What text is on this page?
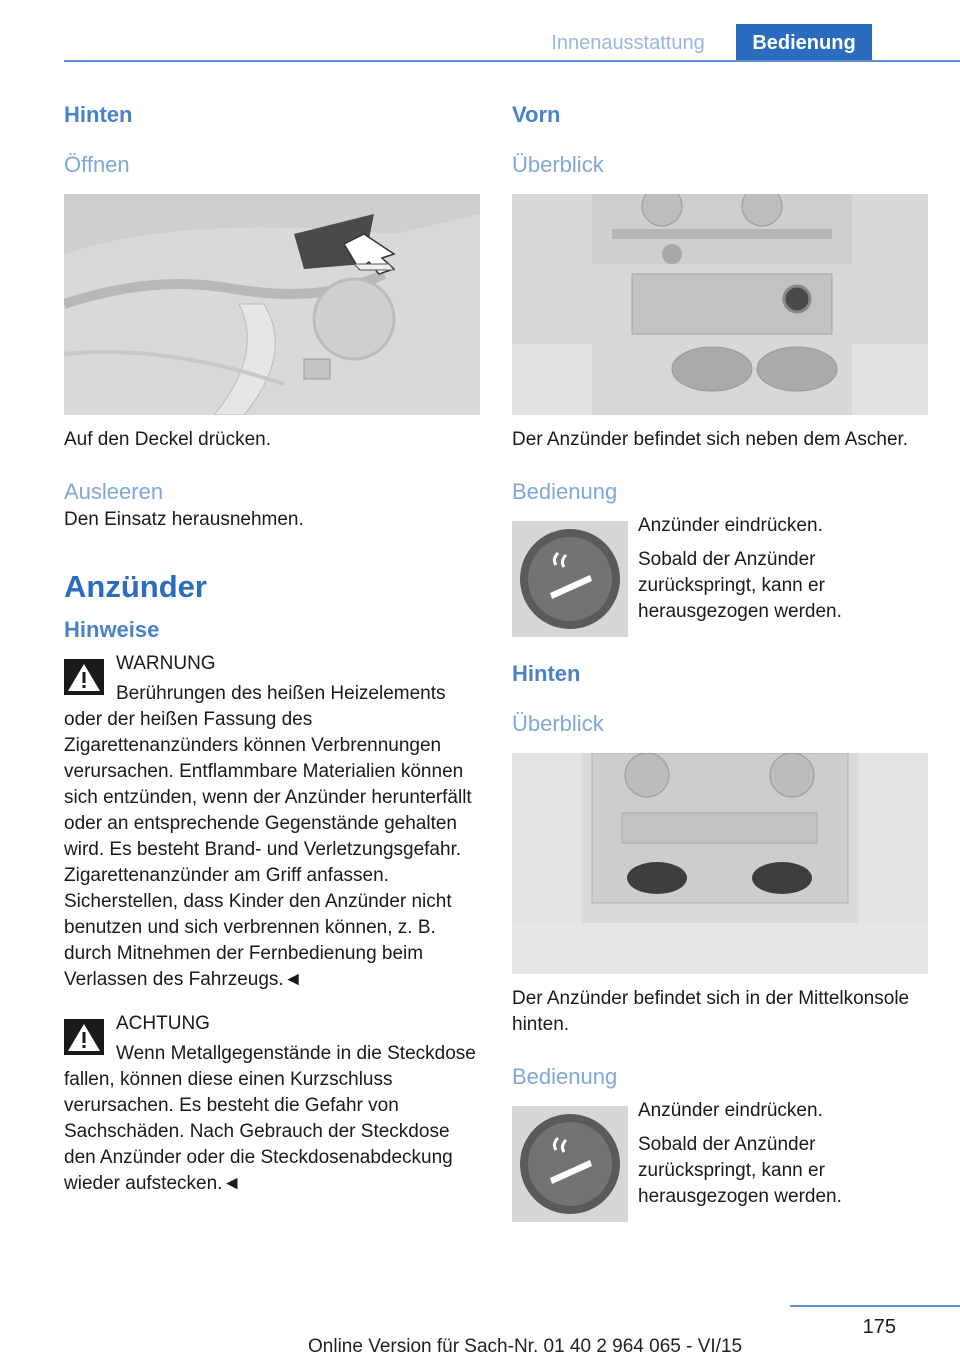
Innenausstattung	Bedienung
Hinten
Öffnen

Auf den Deckel drücken.

Ausleeren

Den Einsatz herausnehmen.

Anzünder
Hinweise
WARNUNG
Berührungen des heißen Heizelements oder der heißen Fassung des Zigarettenanzünders können Verbrennungen verursachen. Entflammbare Materialien können sich entzünden, wenn der Anzünder herunterfällt oder an entsprechende Gegenstände gehalten wird. Es besteht Brand- und Verletzungsgefahr. Zigarettenanzünder am Griff anfassen. Sicherstellen, dass Kinder den Anzünder nicht benutzen und sich verbrennen können, z. B. durch Mitnehmen der Fernbedienung beim Verlassen des Fahrzeugs.◄
ACHTUNG
Wenn Metallgegenstände in die Steckdose fallen, können diese einen Kurzschluss verursachen. Es besteht die Gefahr von Sachschäden. Nach Gebrauch der Steckdose den Anzünder oder die Steckdosenabdeckung wieder aufstecken.◄
Vorn
Überblick

Der Anzünder befindet sich neben dem Ascher.

Bedienung

Anzünder eindrücken.

Sobald der Anzünder zurückspringt, kann er herausgezogen werden.

Hinten
Überblick

Der Anzünder befindet sich in der Mittelkonsole hinten.

Bedienung

Anzünder eindrücken.

Sobald der Anzünder zurückspringt, kann er herausgezogen werden.

175
Online Version für Sach-Nr. 01 40 2 964 065 - VI/15
